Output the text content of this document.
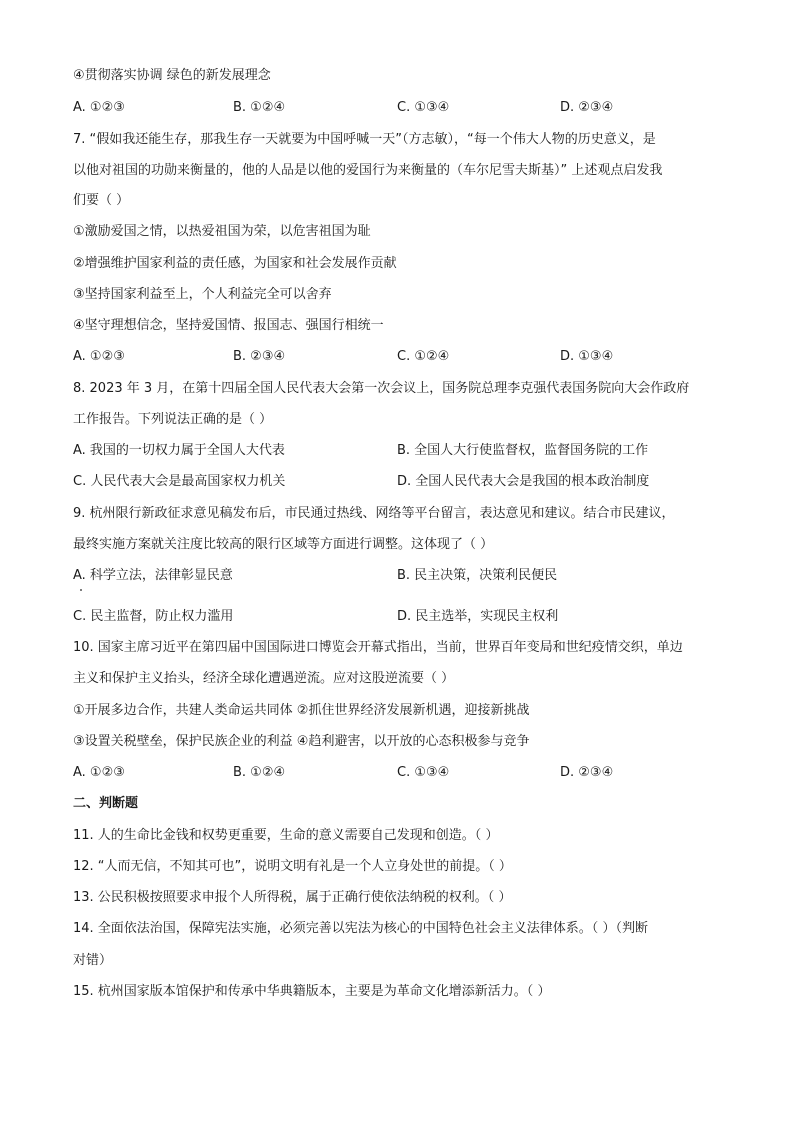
④贯彻落实协调 绿色的新发展理念
A. ①②③	B. ①②④	C. ①③④	D. ②③④
7. “假如我还能生存，那我生存一天就要为中国呼喊一天”（方志敏），“每一个伟大人物的历史意义，是
以他对祖国的功勋来衡量的，他的人品是以他的爱国行为来衡量的（车尔尼雪夫斯基）” 上述观点启发我
们要（ ）
①激励爱国之情，以热爱祖国为荣，以危害祖国为耻
②增强维护国家利益的责任感，为国家和社会发展作贡献
③坚持国家利益至上，个人利益完全可以舍弃
④坚守理想信念，坚持爱国情、报国志、强国行相统一
A. ①②③	B. ②③④	C. ①②④	D. ①③④
8. 2023 年 3 月，在第十四届全国人民代表大会第一次会议上，国务院总理李克强代表国务院向大会作政府
工作报告。下列说法正确的是（ ）
A. 我国的一切权力属于全国人大代表	B. 全国人大行使监督权，监督国务院的工作
C. 人民代表大会是最高国家权力机关	D. 全国人民代表大会是我国的根本政治制度
9. 杭州限行新政征求意见稿发布后，市民通过热线、网络等平台留言，表达意见和建议。结合市民建议，
最终实施方案就关注度比较高的限行区域等方面进行调整。这体现了（ ）
A. 科学立法，法律彰显民意	B. 民主决策，决策利民便民
C. 民主监督，防止权力滥用	D. 民主选举，实现民主权利
10. 国家主席习近平在第四届中国国际进口博览会开幕式指出，当前，世界百年变局和世纪疫情交织，单边
主义和保护主义抬头，经济全球化遭遇逆流。应对这股逆流要（ ）
①开展多边合作，共建人类命运共同体 ②抓住世界经济发展新机遇，迎接新挑战
③设置关税壁垒，保护民族企业的利益 ④趋利避害，以开放的心态积极参与竞争
A. ①②③	B. ①②④	C. ①③④	D. ②③④
二、判断题
11. 人的生命比金钱和权势更重要，生命的意义需要自己发现和创造。（ ）
12. “人而无信，不知其可也”，说明文明有礼是一个人立身处世的前提。（ ）
13. 公民积极按照要求申报个人所得税，属于正确行使依法纳税的权利。（ ）
14. 全面依法治国，保障宪法实施，必须完善以宪法为核心的中国特色社会主义法律体系。（ ）（判断
对错）
15. 杭州国家版本馆保护和传承中华典籍版本，主要是为革命文化增添新活力。（ ）
